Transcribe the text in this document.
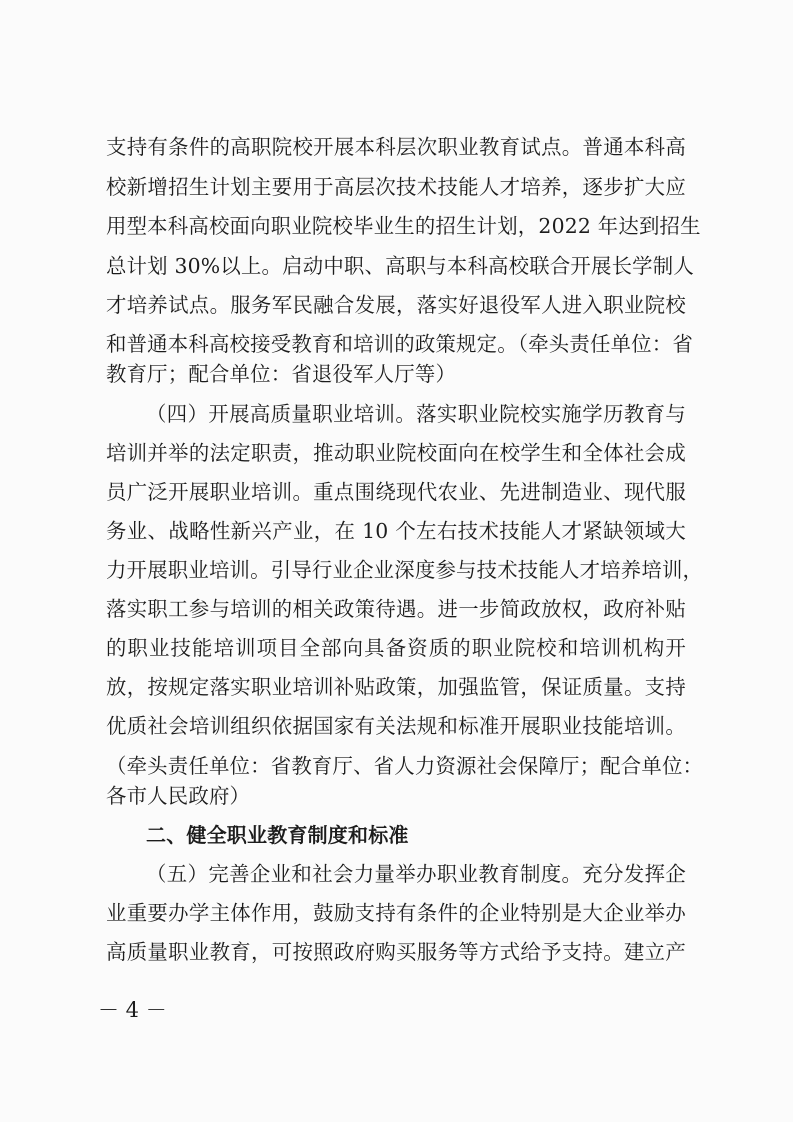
支持有条件的高职院校开展本科层次职业教育试点。普通本科高
校新增招生计划主要用于高层次技术技能人才培养，逐步扩大应
用型本科高校面向职业院校毕业生的招生计划，2022 年达到招生
总计划 30%以上。启动中职、高职与本科高校联合开展长学制人
才培养试点。服务军民融合发展，落实好退役军人进入职业院校
和普通本科高校接受教育和培训的政策规定。（牵头责任单位：省
教育厅；配合单位：省退役军人厅等）
（四）开展高质量职业培训。落实职业院校实施学历教育与
培训并举的法定职责，推动职业院校面向在校学生和全体社会成
员广泛开展职业培训。重点围绕现代农业、先进制造业、现代服
务业、战略性新兴产业，在 10 个左右技术技能人才紧缺领域大
力开展职业培训。引导行业企业深度参与技术技能人才培养培训，
落实职工参与培训的相关政策待遇。进一步简政放权，政府补贴
的职业技能培训项目全部向具备资质的职业院校和培训机构开
放，按规定落实职业培训补贴政策，加强监管，保证质量。支持
优质社会培训组织依据国家有关法规和标准开展职业技能培训。
（牵头责任单位：省教育厅、省人力资源社会保障厅；配合单位：
各市人民政府）
二、健全职业教育制度和标准
（五）完善企业和社会力量举办职业教育制度。充分发挥企
业重要办学主体作用，鼓励支持有条件的企业特别是大企业举办
高质量职业教育，可按照政府购买服务等方式给予支持。建立产
－ 4 －
